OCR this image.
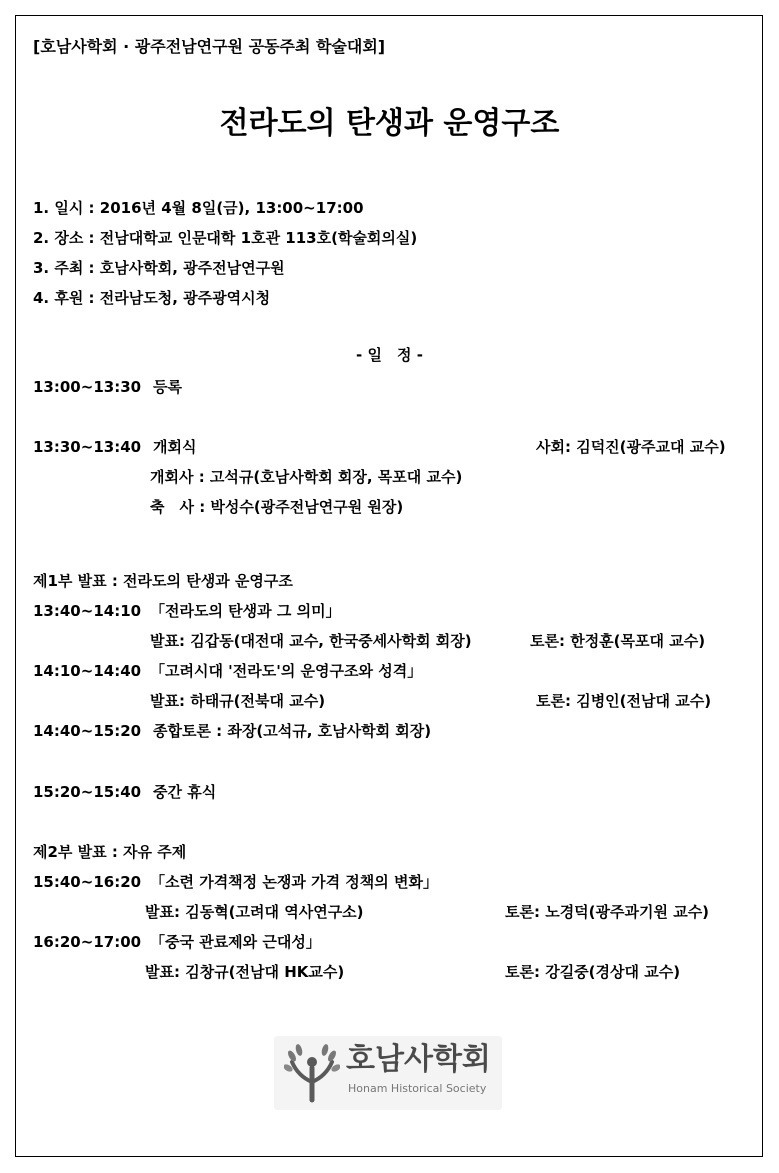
[호남사학회 · 광주전남연구원 공동주최 학술대회]
전라도의 탄생과 운영구조
1. 일시 : 2016년 4월 8일(금), 13:00~17:00
2. 장소 : 전남대학교 인문대학 1호관 113호(학술회의실)
3. 주최 : 호남사학회, 광주전남연구원
4. 후원 : 전라남도청, 광주광역시청
- 일　정 -
13:00~13:30 등록
13:30~13:40 개회식	사회: 김덕진(광주교대 교수)
개회사 : 고석규(호남사학회 회장, 목포대 교수)
축　사 : 박성수(광주전남연구원 원장)
제1부 발표 : 전라도의 탄생과 운영구조
13:40~14:10 「전라도의 탄생과 그 의미」
발표: 김갑동(대전대 교수, 한국중세사학회 회장)	토론: 한정훈(목포대 교수)
14:10~14:40 「고려시대 '전라도'의 운영구조와 성격」
발표: 하태규(전북대 교수)	토론: 김병인(전남대 교수)
14:40~15:20 종합토론 : 좌장(고석규, 호남사학회 회장)
15:20~15:40 중간 휴식
제2부 발표 : 자유 주제
15:40~16:20 「소련 가격책정 논쟁과 가격 정책의 변화」
발표: 김동혁(고려대 역사연구소)	토론: 노경덕(광주과기원 교수)
16:20~17:00 「중국 관료제와 근대성」
발표: 김창규(전남대 HK교수)	토론: 강길중(경상대 교수)
호남사학회
Honam Historical Society
